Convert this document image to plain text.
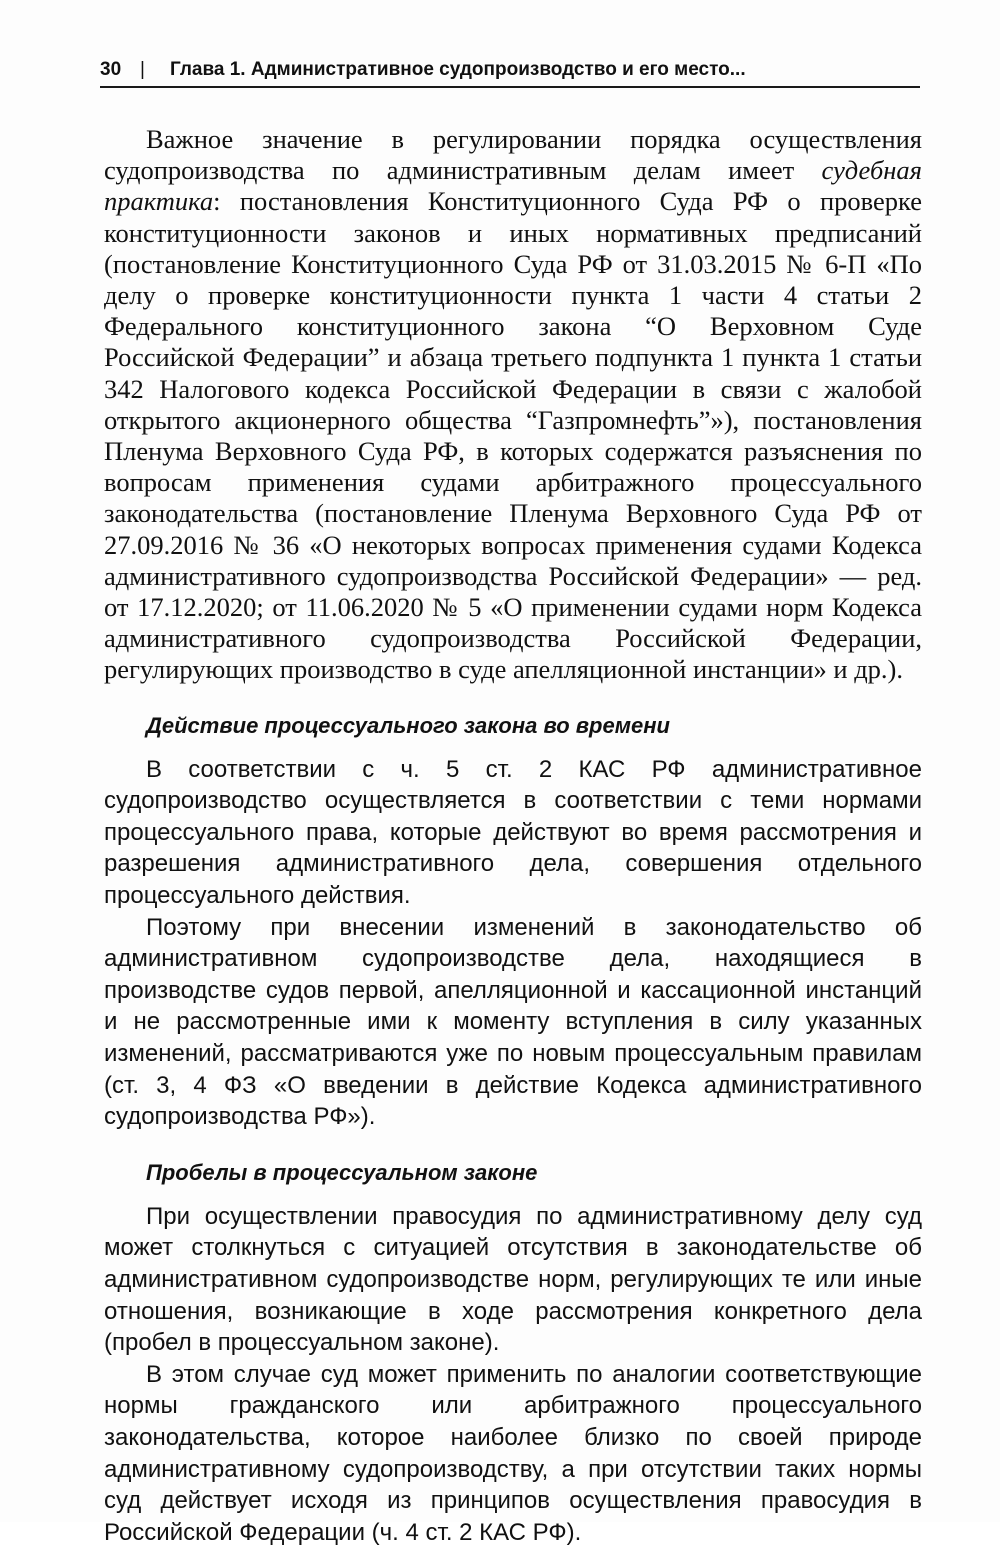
30 | Глава 1. Административное судопроизводство и его место...

Важное значение в регулировании порядка осуществления судопроизводства по административным делам имеет судебная практика: постановления Конституционного Суда РФ о проверке конституционности законов и иных нормативных предписаний (постановление Конституционного Суда РФ от 31.03.2015 № 6-П «По делу о проверке конституционности пункта 1 части 4 статьи 2 Федерального конституционного закона “О Верховном Суде Российской Федерации” и абзаца третьего подпункта 1 пункта 1 статьи 342 Налогового кодекса Российской Федерации в связи с жалобой открытого акционерного общества “Газпромнефть”»), постановления Пленума Верховного Суда РФ, в которых содержатся разъяснения по вопросам применения судами арбитражного процессуального законодательства (постановление Пленума Верховного Суда РФ от 27.09.2016 № 36 «О некоторых вопросах применения судами Кодекса административного судопроизводства Российской Федерации» — ред. от 17.12.2020; от 11.06.2020 № 5 «О применении судами норм Кодекса административного судопроизводства Российской Федерации, регулирующих производство в суде апелляционной инстанции» и др.).

Действие процессуального закона во времени

В соответствии с ч. 5 ст. 2 КАС РФ административное судопроизводство осуществляется в соответствии с теми нормами процессуального права, которые действуют во время рассмотрения и разрешения административного дела, совершения отдельного процессуального действия.

Поэтому при внесении изменений в законодательство об административном судопроизводстве дела, находящиеся в производстве судов первой, апелляционной и кассационной инстанций и не рассмотренные ими к моменту вступления в силу указанных изменений, рассматриваются уже по новым процессуальным правилам (ст. 3, 4 ФЗ «О введении в действие Кодекса административного судопроизводства РФ»).

Пробелы в процессуальном законе

При осуществлении правосудия по административному делу суд может столкнуться с ситуацией отсутствия в законодательстве об административном судопроизводстве норм, регулирующих те или иные отношения, возникающие в ходе рассмотрения конкретного дела (пробел в процессуальном законе).

В этом случае суд может применить по аналогии соответствующие нормы гражданского или арбитражного процессуального законодательства, которое наиболее близко по своей природе административному судопроизводству, а при отсутствии таких нормы суд действует исходя из принципов осуществления правосудия в Российской Федерации (ч. 4 ст. 2 КАС РФ).
